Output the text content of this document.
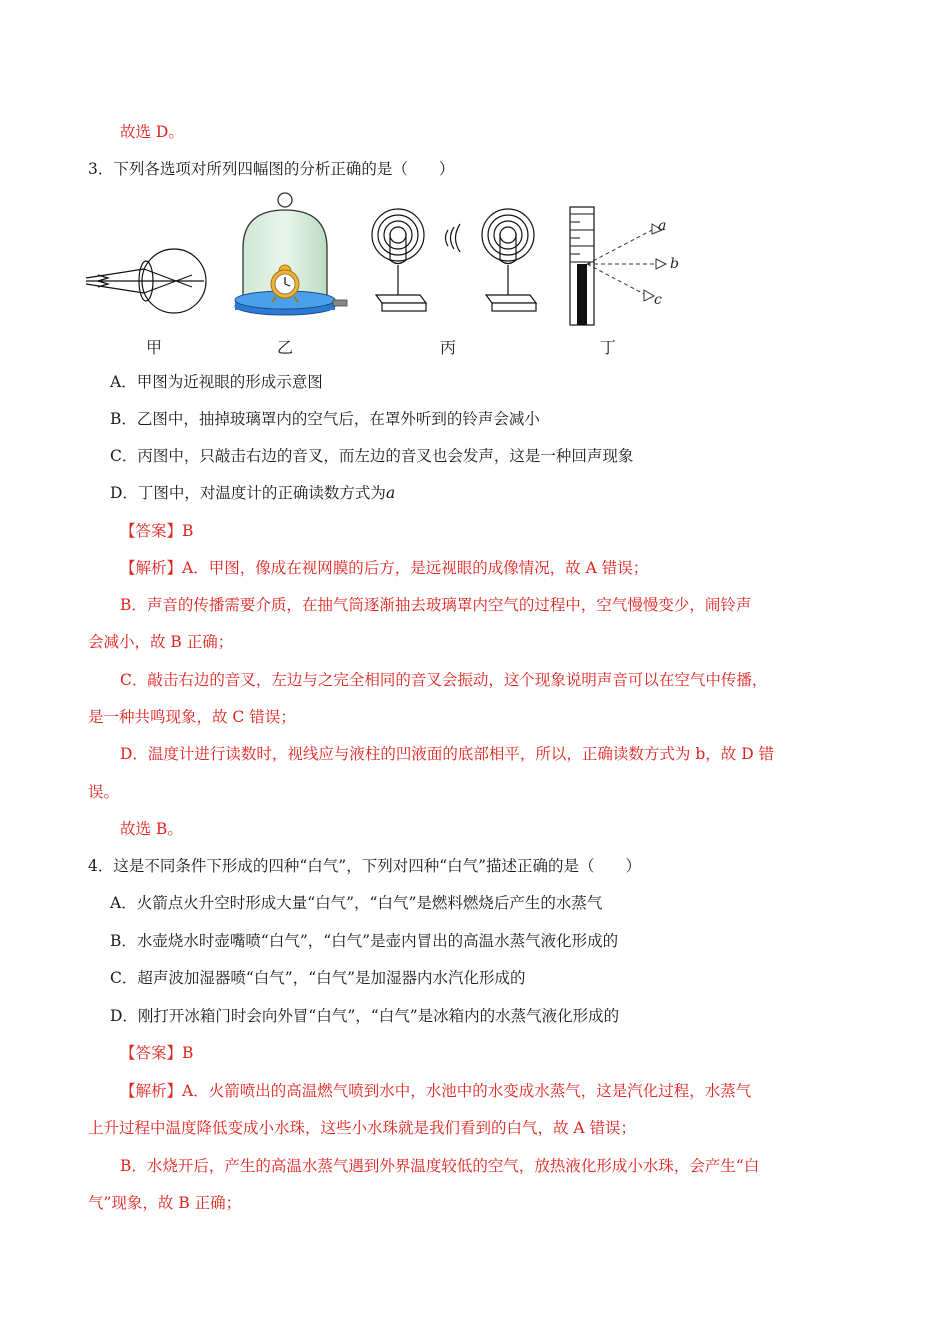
故选 D。
3．下列各选项对所列四幅图的分析正确的是（　　）
甲	乙	丙
a
b
c
丁
A．甲图为近视眼的形成示意图
B．乙图中，抽掉玻璃罩内的空气后，在罩外听到的铃声会减小
C．丙图中，只敲击右边的音叉，而左边的音叉也会发声，这是一种回声现象
D．丁图中，对温度计的正确读数方式为a
【答案】B
【解析】A．甲图，像成在视网膜的后方，是远视眼的成像情况，故 A 错误；
B．声音的传播需要介质，在抽气筒逐渐抽去玻璃罩内空气的过程中，空气慢慢变少，闹铃声
会减小，故 B 正确；
C．敲击右边的音叉，左边与之完全相同的音叉会振动，这个现象说明声音可以在空气中传播，
是一种共鸣现象，故 C 错误；
D．温度计进行读数时，视线应与液柱的凹液面的底部相平，所以，正确读数方式为 b，故 D 错
误。
故选 B。
4．这是不同条件下形成的四种“白气”，下列对四种“白气”描述正确的是（　　）
A．火箭点火升空时形成大量“白气”，“白气”是燃料燃烧后产生的水蒸气
B．水壶烧水时壶嘴喷“白气”，“白气”是壶内冒出的高温水蒸气液化形成的
C．超声波加湿器喷“白气”，“白气”是加湿器内水汽化形成的
D．刚打开冰箱门时会向外冒“白气”，“白气”是冰箱内的水蒸气液化形成的
【答案】B
【解析】A．火箭喷出的高温燃气喷到水中，水池中的水变成水蒸气，这是汽化过程，水蒸气
上升过程中温度降低变成小水珠，这些小水珠就是我们看到的白气，故 A 错误；
B．水烧开后，产生的高温水蒸气遇到外界温度较低的空气，放热液化形成小水珠，会产生“白
气”现象，故 B 正确；
